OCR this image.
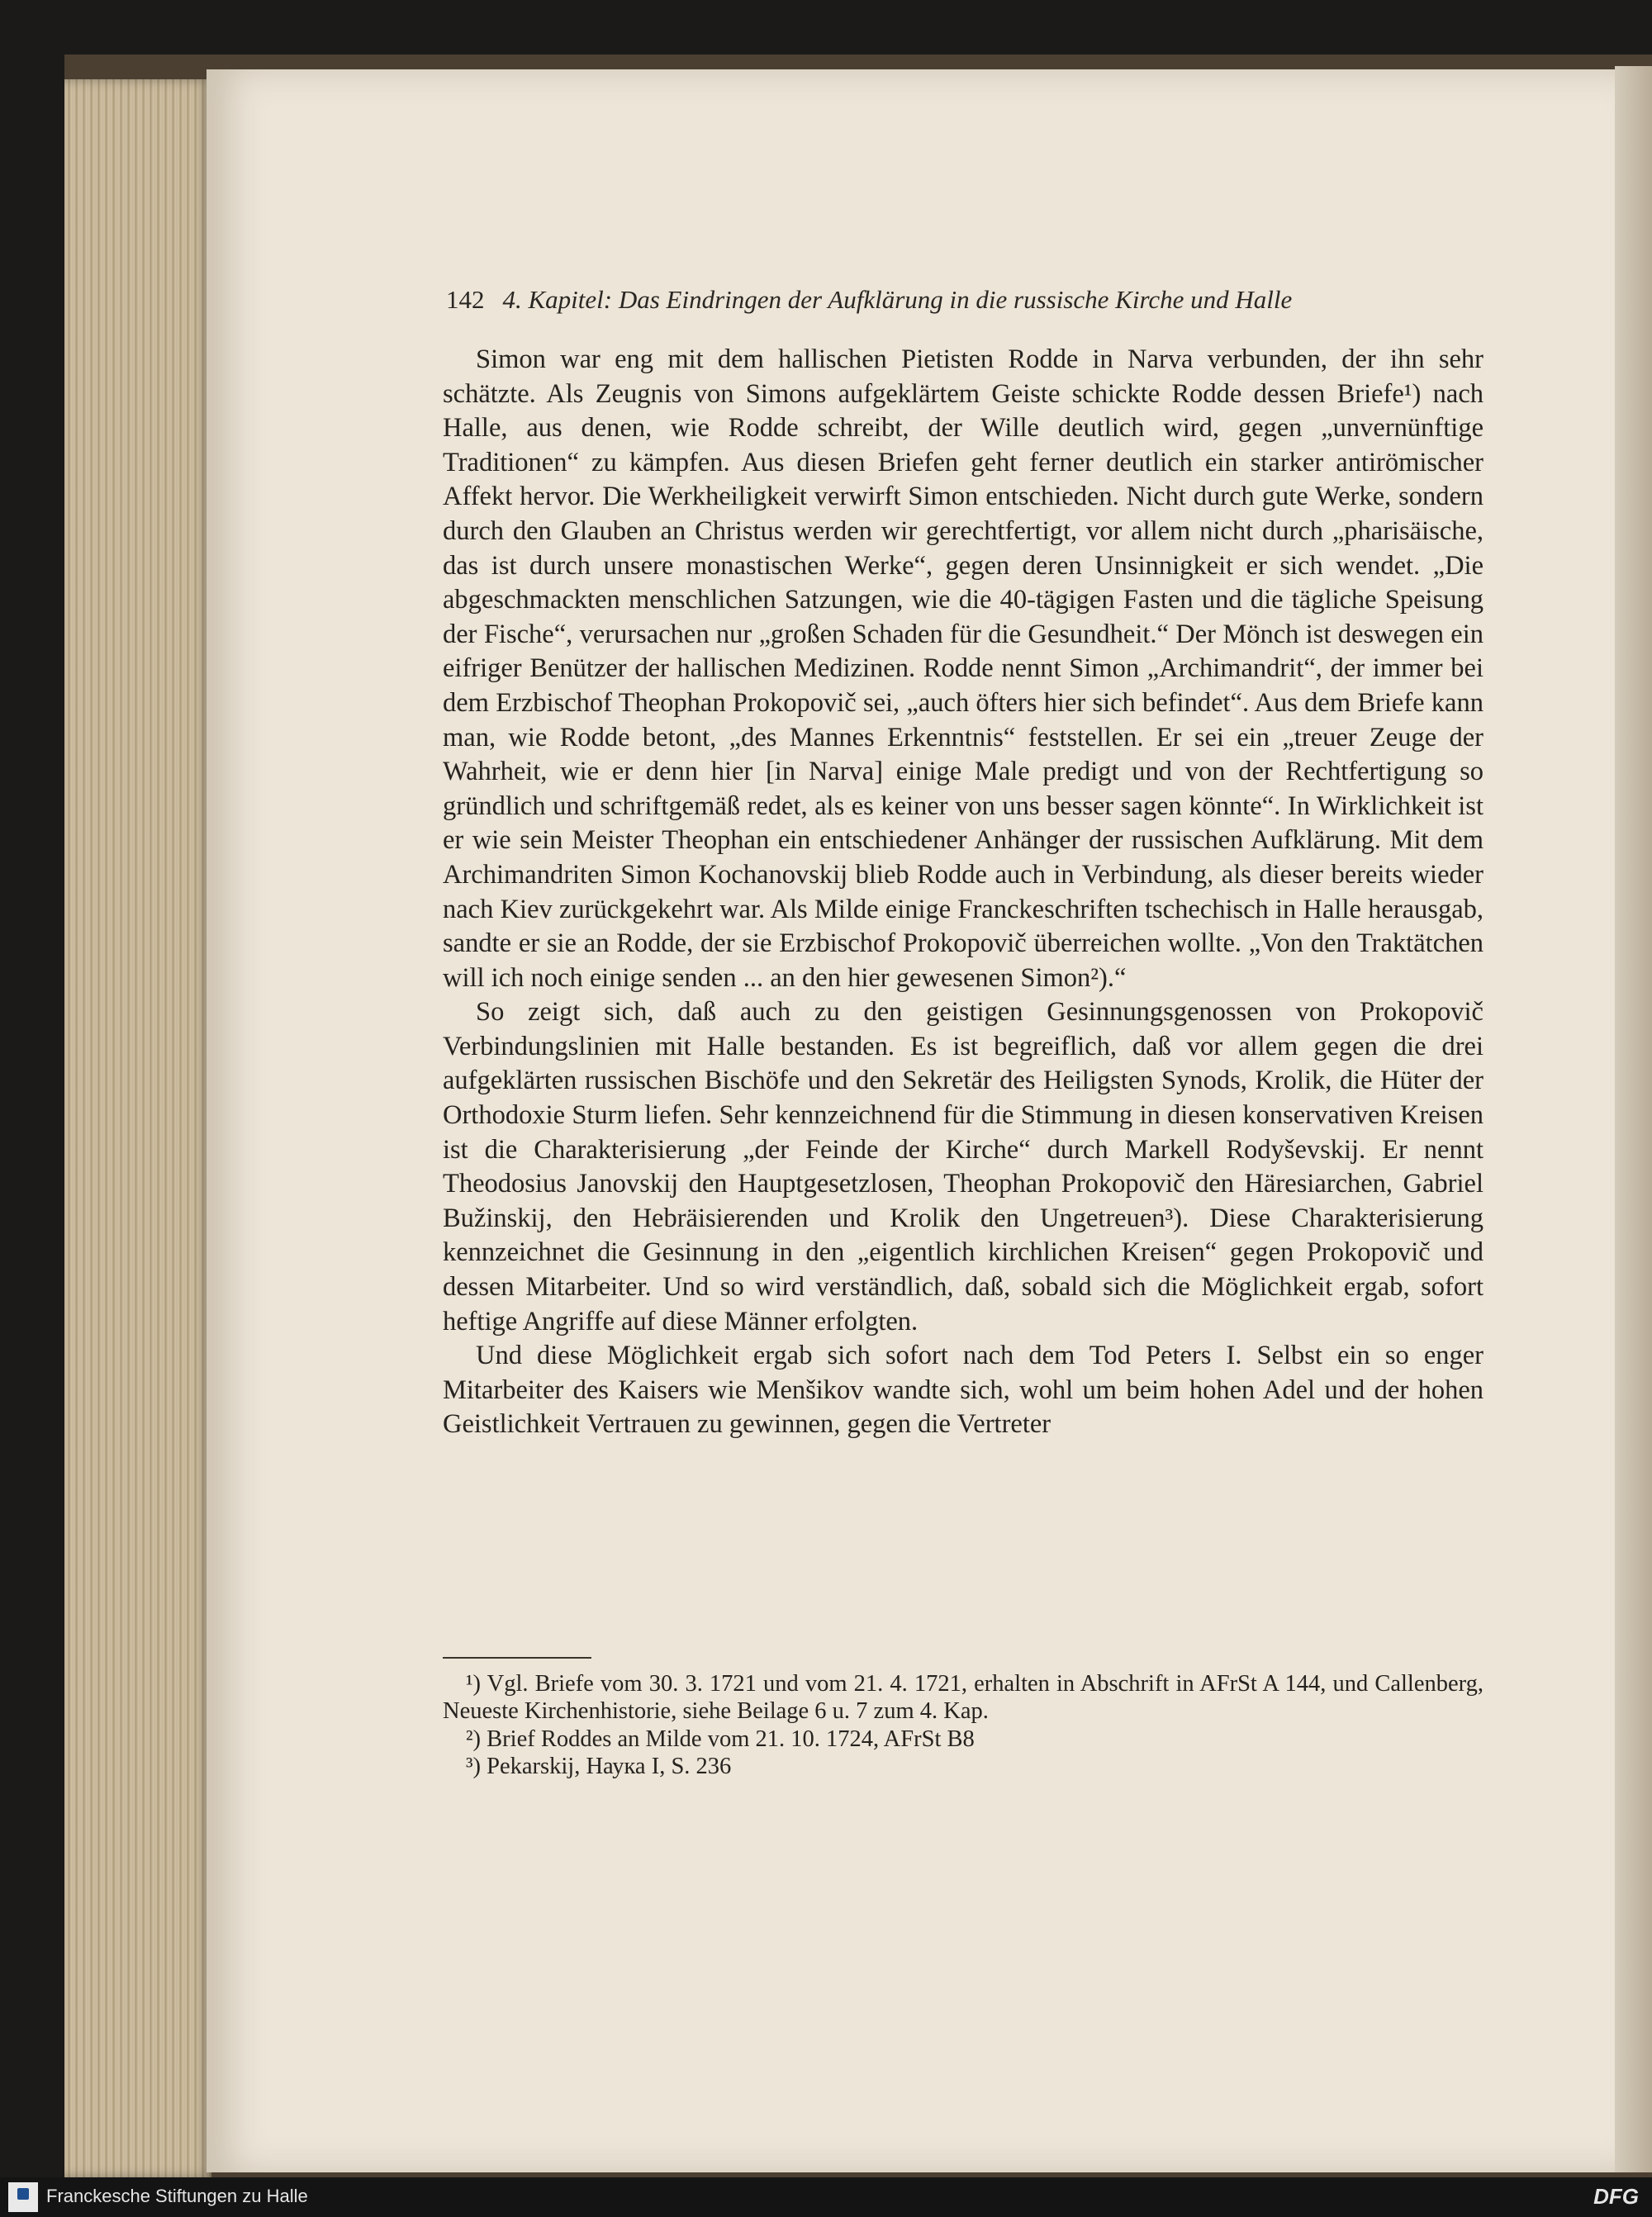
142 4. Kapitel: Das Eindringen der Aufklärung in die russische Kirche und Halle

Simon war eng mit dem hallischen Pietisten Rodde in Narva verbunden, der ihn sehr schätzte. Als Zeugnis von Simons aufgeklärtem Geiste schickte Rodde dessen Briefe¹) nach Halle, aus denen, wie Rodde schreibt, der Wille deutlich wird, gegen „unvernünftige Traditionen“ zu kämpfen. Aus diesen Briefen geht ferner deutlich ein starker antirömischer Affekt hervor. Die Werkheiligkeit verwirft Simon entschieden. Nicht durch gute Werke, sondern durch den Glauben an Christus werden wir gerechtfertigt, vor allem nicht durch „pharisäische, das ist durch unsere monastischen Werke“, gegen deren Unsinnigkeit er sich wendet. „Die abgeschmackten menschlichen Satzungen, wie die 40-tägigen Fasten und die tägliche Speisung der Fische“, verursachen nur „großen Schaden für die Gesundheit.“ Der Mönch ist deswegen ein eifriger Benützer der hallischen Medizinen. Rodde nennt Simon „Archimandrit“, der immer bei dem Erzbischof Theophan Prokopovič sei, „auch öfters hier sich befindet“. Aus dem Briefe kann man, wie Rodde betont, „des Mannes Erkenntnis“ feststellen. Er sei ein „treuer Zeuge der Wahrheit, wie er denn hier [in Narva] einige Male predigt und von der Rechtfertigung so gründlich und schriftgemäß redet, als es keiner von uns besser sagen könnte“. In Wirklichkeit ist er wie sein Meister Theophan ein entschiedener Anhänger der russischen Aufklärung. Mit dem Archimandriten Simon Kochanovskij blieb Rodde auch in Verbindung, als dieser bereits wieder nach Kiev zurückgekehrt war. Als Milde einige Franckeschriften tschechisch in Halle herausgab, sandte er sie an Rodde, der sie Erzbischof Prokopovič überreichen wollte. „Von den Traktätchen will ich noch einige senden ... an den hier gewesenen Simon²).“

So zeigt sich, daß auch zu den geistigen Gesinnungsgenossen von Prokopovič Verbindungslinien mit Halle bestanden. Es ist begreiflich, daß vor allem gegen die drei aufgeklärten russischen Bischöfe und den Sekretär des Heiligsten Synods, Krolik, die Hüter der Orthodoxie Sturm liefen. Sehr kennzeichnend für die Stimmung in diesen konservativen Kreisen ist die Charakterisierung „der Feinde der Kirche“ durch Markell Rodyševskij. Er nennt Theodosius Janovskij den Hauptgesetzlosen, Theophan Prokopovič den Häresiarchen, Gabriel Bužinskij, den Hebräisierenden und Krolik den Ungetreuen³). Diese Charakterisierung kennzeichnet die Gesinnung in den „eigentlich kirchlichen Kreisen“ gegen Prokopovič und dessen Mitarbeiter. Und so wird verständlich, daß, sobald sich die Möglichkeit ergab, sofort heftige Angriffe auf diese Männer erfolgten.

Und diese Möglichkeit ergab sich sofort nach dem Tod Peters I. Selbst ein so enger Mitarbeiter des Kaisers wie Menšikov wandte sich, wohl um beim hohen Adel und der hohen Geistlichkeit Vertrauen zu gewinnen, gegen die Vertreter

¹) Vgl. Briefe vom 30. 3. 1721 und vom 21. 4. 1721, erhalten in Abschrift in AFrSt A 144, und Callenberg, Neueste Kirchenhistorie, siehe Beilage 6 u. 7 zum 4. Kap.

²) Brief Roddes an Milde vom 21. 10. 1724, AFrSt B8

³) Pekarskij, Наука I, S. 236

Franckesche Stiftungen zu Halle	DFG
